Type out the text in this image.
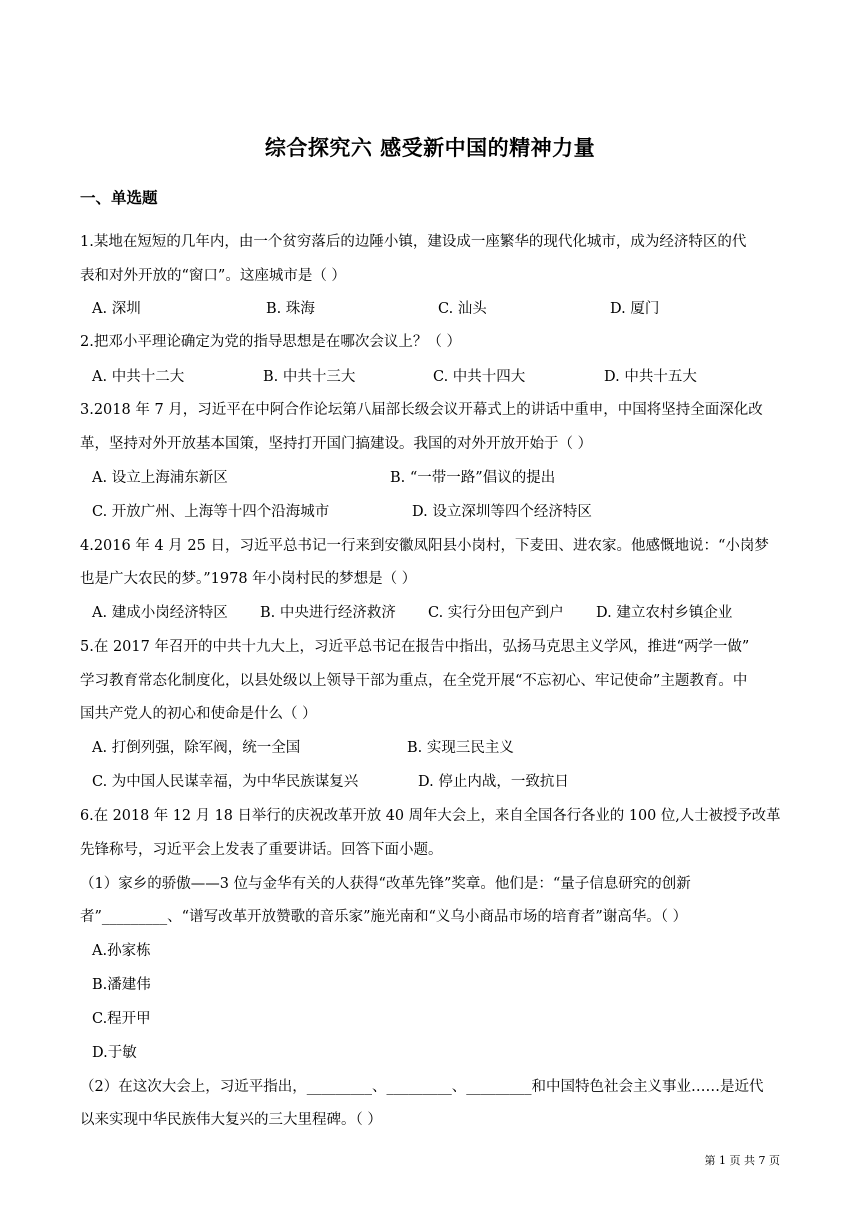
综合探究六 感受新中国的精神力量
一、单选题
1.某地在短短的几年内，由一个贫穷落后的边陲小镇，建设成一座繁华的现代化城市，成为经济特区的代
表和对外开放的“窗口”。这座城市是（ ）
A. 深圳	B. 珠海	C. 汕头	D. 厦门
2.把邓小平理论确定为党的指导思想是在哪次会议上？（ ）
A. 中共十二大	B. 中共十三大	C. 中共十四大	D. 中共十五大
3.2018 年 7 月，习近平在中阿合作论坛第八届部长级会议开幕式上的讲话中重申，中国将坚持全面深化改
革，坚持对外开放基本国策，坚持打开国门搞建设。我国的对外开放开始于（ ）
A. 设立上海浦东新区	B. “一带一路”倡议的提出
C. 开放广州、上海等十四个沿海城市	D. 设立深圳等四个经济特区
4.2016 年 4 月 25 日，习近平总书记一行来到安徽凤阳县小岗村，下麦田、进农家。他感慨地说：“小岗梦
也是广大农民的梦。”1978 年小岗村民的梦想是（ ）
A. 建成小岗经济特区 B. 中央进行经济救济 C. 实行分田包产到户 D. 建立农村乡镇企业
5.在 2017 年召开的中共十九大上，习近平总书记在报告中指出，弘扬马克思主义学风，推进“两学一做”
学习教育常态化制度化，以县处级以上领导干部为重点，在全党开展“不忘初心、牢记使命”主题教育。中
国共产党人的初心和使命是什么（ ）
A. 打倒列强，除军阀，统一全国	B. 实现三民主义
C. 为中国人民谋幸福，为中华民族谋复兴	D. 停止内战，一致抗日
6.在 2018 年 12 月 18 日举行的庆祝改革开放 40 周年大会上，来自全国各行各业的 100 位,人士被授予改革
先锋称号，习近平会上发表了重要讲话。回答下面小题。
（1）家乡的骄傲——3 位与金华有关的人获得“改革先锋”奖章。他们是：“量子信息研究的创新
者”_________、“谱写改革开放赞歌的音乐家”施光南和“义乌小商品市场的培育者”谢高华。（ ）
A.孙家栋
B.潘建伟
C.程开甲
D.于敏
（2）在这次大会上，习近平指出，_________、_________、_________和中国特色社会主义事业……是近代
以来实现中华民族伟大复兴的三大里程碑。（ ）
第 1 页 共 7 页
